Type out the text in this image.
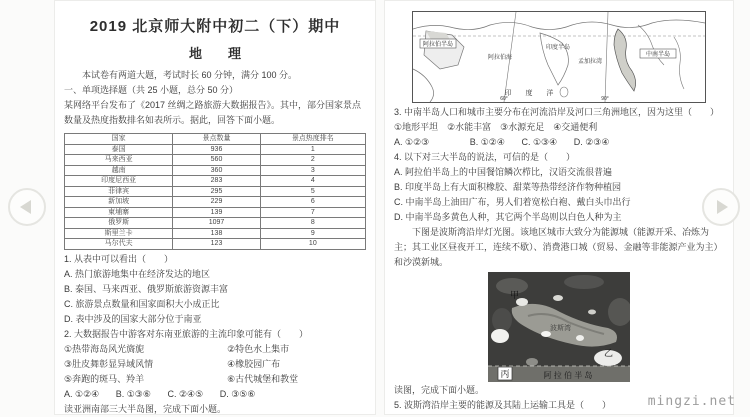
2019 北京师大附中初二（下）期中
地　　理
本试卷有两道大题，考试时长 60 分钟，满分 100 分。
一、单项选择题（共 25 小题，总分 50 分）
某网络平台发布了《2017 丝绸之路旅游大数据报告》。其中，部分国家景点数量及热度指数排名如表所示。据此，回答下面小题。
国家	景点数量	景点热度排名
泰国	936	1
马来西亚	560	2
越南	360	3
印度尼西亚	283	4
菲律宾	295	5
新加坡	229	6
柬埔寨	139	7
俄罗斯	1097	8
斯里兰卡	138	9
马尔代夫	123	10
1. 从表中可以看出（　　）
A. 热门旅游地集中在经济发达的地区
B. 泰国、马来西亚、俄罗斯旅游资源丰富
C. 旅游景点数量和国家面积大小成正比
D. 表中涉及的国家大部分位于南亚
2. 大数据报告中游客对东南亚旅游的主流印象可能有（　　）
①热带海岛风光旖旎	②特色水上集市
③肚皮舞彰显异域风情	④橡胶园广布
⑤奔跑的斑马、羚羊	⑥古代城堡和教堂
A. ①②④ B. ①③⑥ C. ②④⑤ D. ③⑤⑥
读亚洲南部三大半岛图，完成下面小题。
阿拉伯半岛
中南半岛
阿拉伯海
印度半岛
孟加拉湾
印 度 洋
60°	90°
3. 中南半岛人口和城市主要分布在河流沿岸及河口三角洲地区，因为这里（　　）
①地形平坦　②水能丰富　③水源充足　④交通便利
A. ①②③	B. ①②④ C. ①③④ D. ②③④
4. 以下对三大半岛的说法，可信的是（　　）
A. 阿拉伯半岛上的中国餐馆鳞次栉比，汉语交流很普遍
B. 印度半岛上有大面积橡胶、甜菜等热带经济作物种植园
C. 中南半岛上油田广布，男人们着宽松白袍、戴白头巾出行
D. 中南半岛多黄色人种，其它两个半岛则以白色人种为主
下图是波斯湾沿岸灯光图。该地区城市大致分为能源城（能源开采、冶炼为主；其工业区昼夜开工，连续不歇）、消费港口城（贸易、金融等非能源产业为主）和沙漠新城。
甲
乙
波斯湾
丙	阿 拉 伯 半 岛
读图，完成下面小题。
5. 波斯湾沿岸主要的能源及其陆上运输工具是（　　）	mingzi.net
